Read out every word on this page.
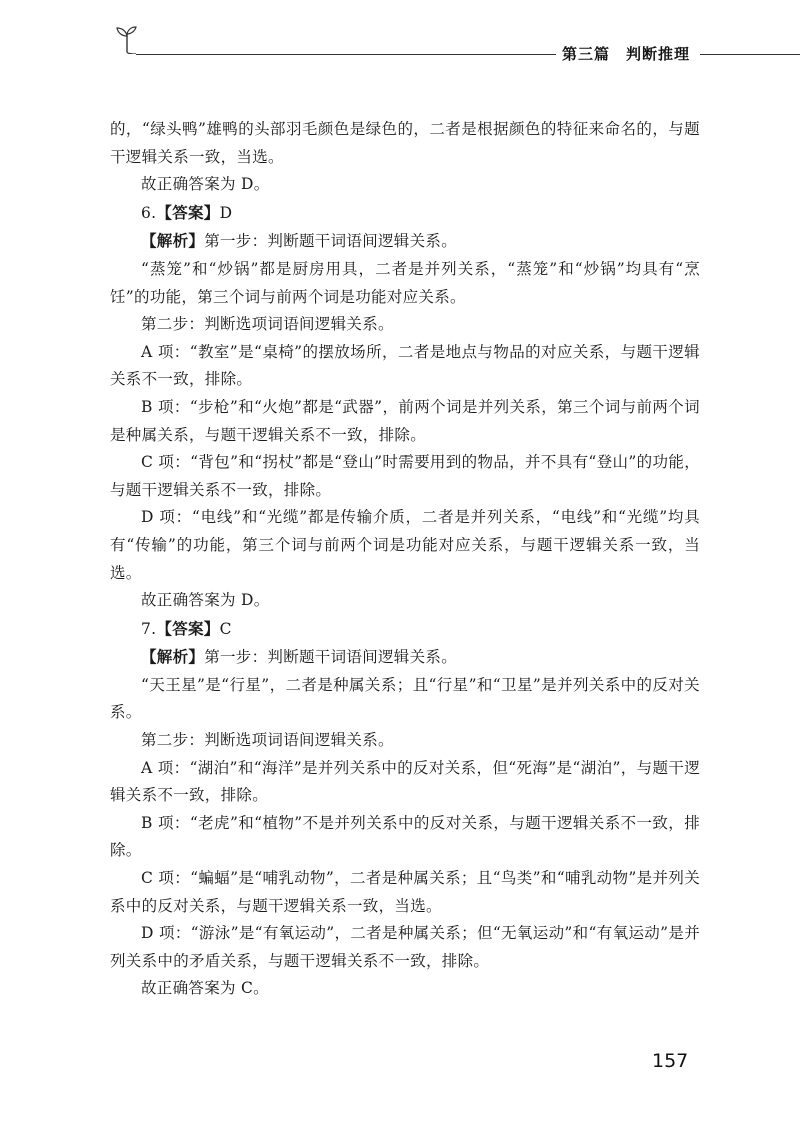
第三篇　判断推理

的，“绿头鸭”雄鸭的头部羽毛颜色是绿色的，二者是根据颜色的特征来命名的，与题干逻辑关系一致，当选。

故正确答案为 D。

6.【答案】D

【解析】第一步：判断题干词语间逻辑关系。

“蒸笼”和“炒锅”都是厨房用具，二者是并列关系，“蒸笼”和“炒锅”均具有“烹饪”的功能，第三个词与前两个词是功能对应关系。

第二步：判断选项词语间逻辑关系。

A 项：“教室”是“桌椅”的摆放场所，二者是地点与物品的对应关系，与题干逻辑关系不一致，排除。

B 项：“步枪”和“火炮”都是“武器”，前两个词是并列关系，第三个词与前两个词是种属关系，与题干逻辑关系不一致，排除。

C 项：“背包”和“拐杖”都是“登山”时需要用到的物品，并不具有“登山”的功能，与题干逻辑关系不一致，排除。

D 项：“电线”和“光缆”都是传输介质，二者是并列关系，“电线”和“光缆”均具有“传输”的功能，第三个词与前两个词是功能对应关系，与题干逻辑关系一致，当选。

故正确答案为 D。

7.【答案】C

【解析】第一步：判断题干词语间逻辑关系。

“天王星”是“行星”，二者是种属关系；且“行星”和“卫星”是并列关系中的反对关系。

第二步：判断选项词语间逻辑关系。

A 项：“湖泊”和“海洋”是并列关系中的反对关系，但“死海”是“湖泊”，与题干逻辑关系不一致，排除。

B 项：“老虎”和“植物”不是并列关系中的反对关系，与题干逻辑关系不一致，排除。

C 项：“蝙蝠”是“哺乳动物”，二者是种属关系；且“鸟类”和“哺乳动物”是并列关系中的反对关系，与题干逻辑关系一致，当选。

D 项：“游泳”是“有氧运动”，二者是种属关系；但“无氧运动”和“有氧运动”是并列关系中的矛盾关系，与题干逻辑关系不一致，排除。

故正确答案为 C。

157
